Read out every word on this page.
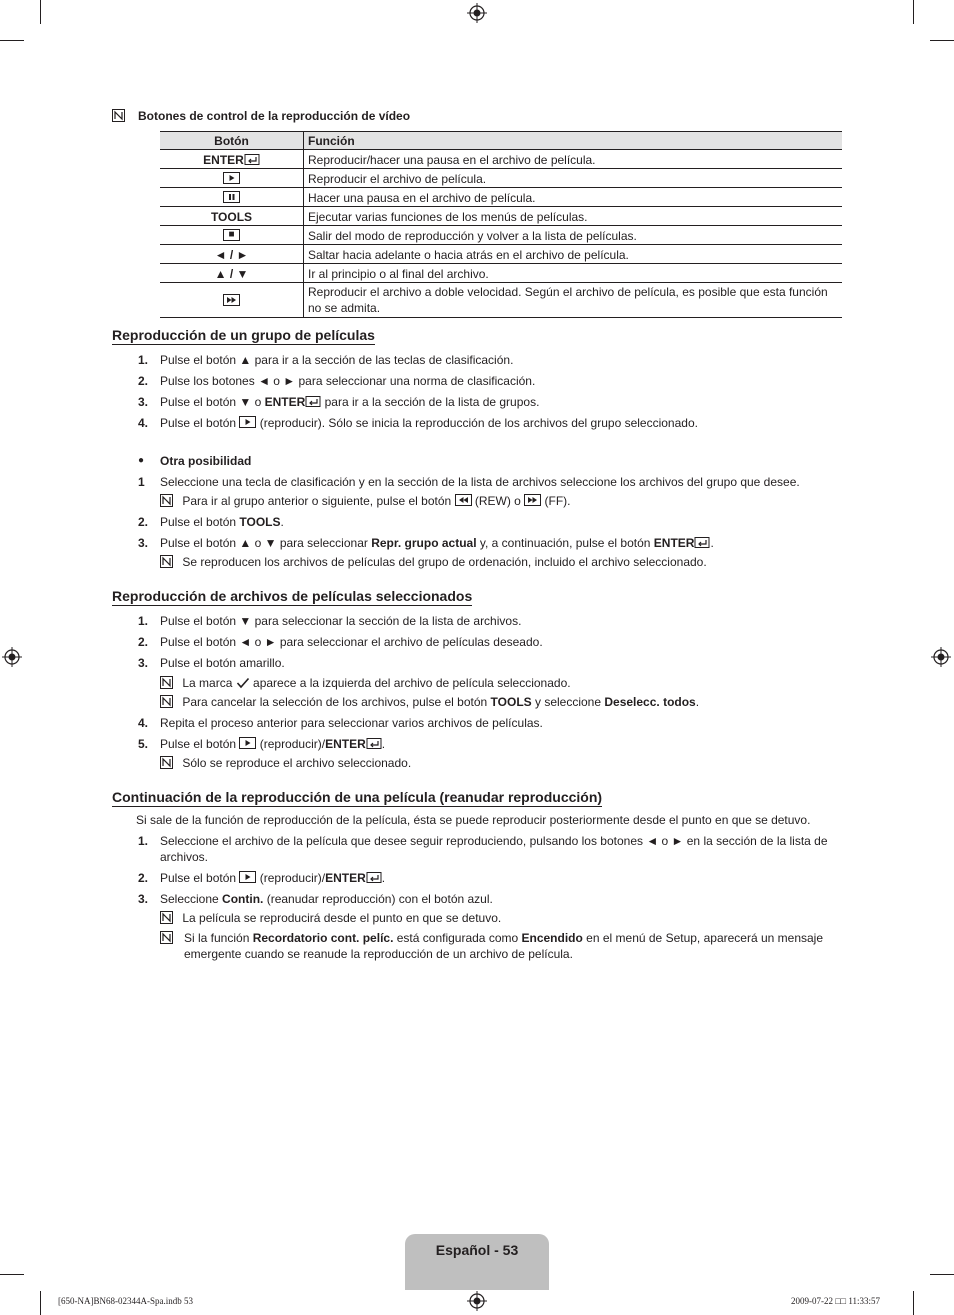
Botones de control de la reproducción de vídeo
Botón	Función
ENTER	Reproducir/hacer una pausa en el archivo de película.

	Reproducir el archivo de película.

	Hacer una pausa en el archivo de película.
TOOLS	Ejecutar varias funciones de los menús de películas.

■	Salir del modo de reproducción y volver a la lista de películas.
◄ / ►	Saltar hacia adelante o hacia atrás en el archivo de película.
▲ / ▼	Ir al principio o al final del archivo.

	Reproducir el archivo a doble velocidad. Según el archivo de película, es posible que esta función no se admita.
Reproducción de un grupo de películas
1. Pulse el botón ▲ para ir a la sección de las teclas de clasificación.
2. Pulse los botones ◄ o ► para seleccionar una norma de clasificación.
3. Pulse el botón ▼ o ENTER para ir a la sección de la lista de grupos.
4. Pulse el botón
(reproducir). Sólo se inicia la reproducción de los archivos del grupo seleccionado.
● Otra posibilidad
1 Seleccione una tecla de clasificación y en la sección de la lista de archivos seleccione los archivos del grupo que desee.
Para ir al grupo anterior o siguiente, pulse el botón
(REW) o
(FF).
2. Pulse el botón TOOLS.
3. Pulse el botón ▲ o ▼ para seleccionar Repr. grupo actual y, a continuación, pulse el botón ENTER .
Se reproducen los archivos de películas del grupo de ordenación, incluido el archivo seleccionado.
Reproducción de archivos de películas seleccionados
1. Pulse el botón ▼ para seleccionar la sección de la lista de archivos.
2. Pulse el botón ◄ o ► para seleccionar el archivo de películas deseado.
3. Pulse el botón amarillo.
La marca  aparece a la izquierda del archivo de película seleccionado.
Para cancelar la selección de los archivos, pulse el botón TOOLS y seleccione Deselecc. todos.
4. Repita el proceso anterior para seleccionar varios archivos de películas.
5. Pulse el botón
(reproducir)/ENTER .
Sólo se reproduce el archivo seleccionado.
Continuación de la reproducción de una película (reanudar reproducción)
Si sale de la función de reproducción de la película, ésta se puede reproducir posteriormente desde el punto en que se detuvo.
1. Seleccione el archivo de la película que desee seguir reproduciendo, pulsando los botones ◄ o ► en la sección de la lista de archivos.
2. Pulse el botón
(reproducir)/ENTER .
3. Seleccione Contin. (reanudar reproducción) con el botón azul.
La película se reproducirá desde el punto en que se detuvo.
Si la función Recordatorio cont. pelíc. está configurada como Encendido en el menú de Setup, aparecerá un mensaje emergente cuando se reanude la reproducción de un archivo de película.
Español - 53
[650-NA]BN68-02344A-Spa.indb 53	2009-07-22 □□ 11:33:57
